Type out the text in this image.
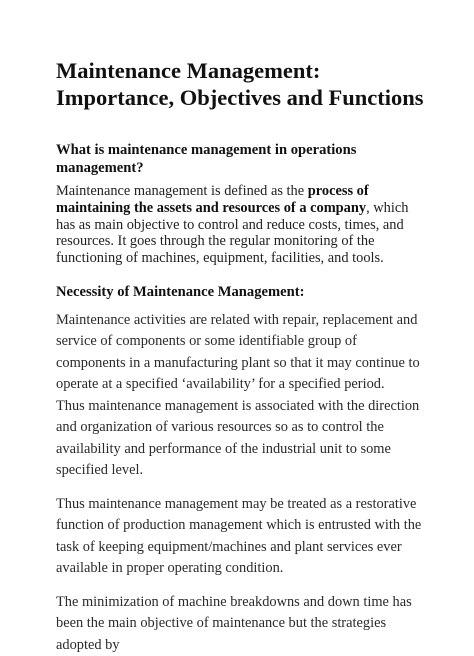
Maintenance Management: Importance, Objectives and Functions
What is maintenance management in operations management?

Maintenance management is defined as the process of maintaining the assets and resources of a company, which has as main objective to control and reduce costs, times, and resources. It goes through the regular monitoring of the functioning of machines, equipment, facilities, and tools.

Necessity of Maintenance Management:

Maintenance activities are related with repair, replacement and service of components or some identifiable group of components in a manufacturing plant so that it may continue to operate at a specified ‘availability’ for a specified period.

Thus maintenance management is associated with the direction and organization of various resources so as to control the availability and performance of the industrial unit to some specified level.

Thus maintenance management may be treated as a restorative function of production management which is entrusted with the task of keeping equipment/machines and plant services ever available in proper operating condition.

The minimization of machine breakdowns and down time has been the main objective of maintenance but the strategies adopted by
